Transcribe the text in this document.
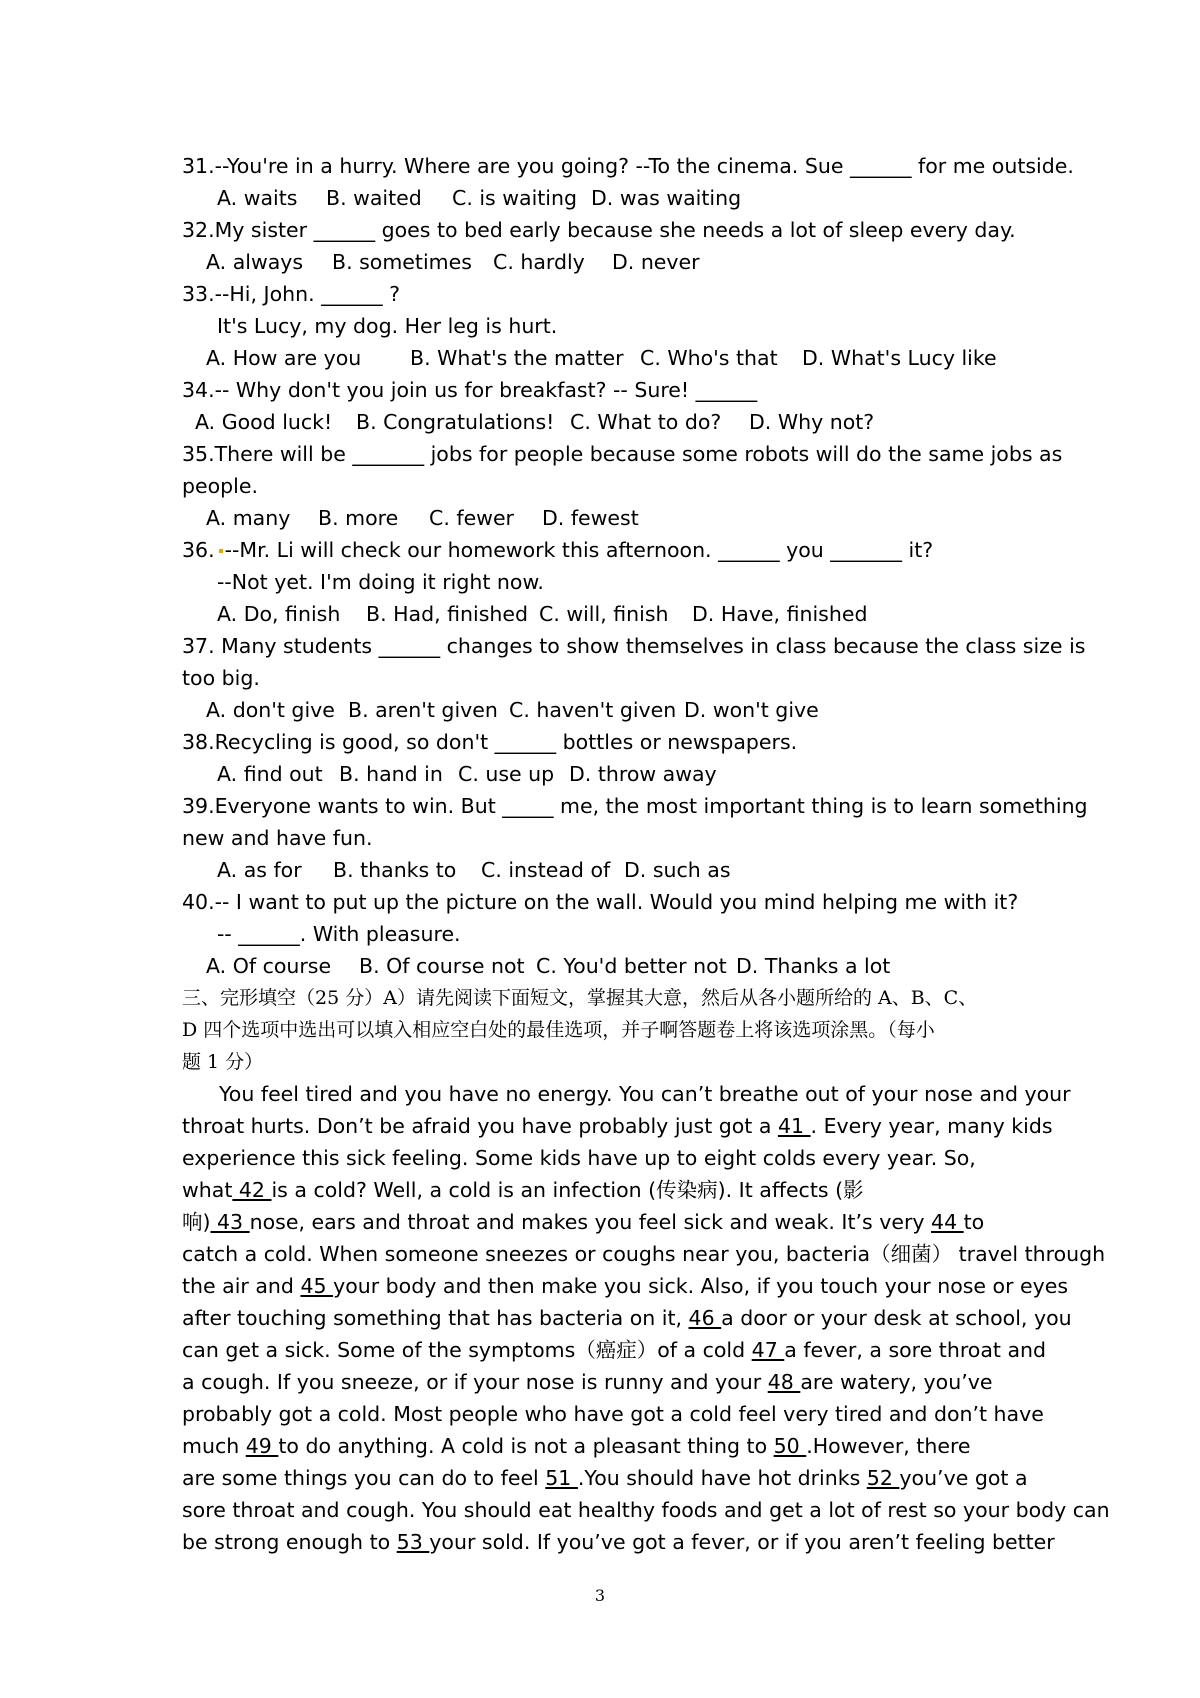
31.--You're in a hurry. Where are you going? --To the cinema. Sue ______ for me outside.
A. waits B. waited C. is waiting D. was waiting
32.My sister ______ goes to bed early because she needs a lot of sleep every day.
A. always B. sometimes C. hardly D. never
33.--Hi, John. ______ ?
It's Lucy, my dog. Her leg is hurt.
A. How are you B. What's the matter C. Who's that D. What's Lucy like
34.-- Why don't you join us for breakfast? -- Sure! ______
A. Good luck! B. Congratulations! C. What to do? D. Why not?
35.There will be _______ jobs for people because some robots will do the same jobs as
people.
A. many B. more C. fewer D. fewest
36. --Mr. Li will check our homework this afternoon. ______ you _______ it?
--Not yet. I'm doing it right now.
A. Do, finish B. Had, finished C. will, finish D. Have, finished
37. Many students ______ changes to show themselves in class because the class size is
too big.
A. don't give B. aren't given C. haven't given D. won't give
38.Recycling is good, so don't ______ bottles or newspapers.
A. find out B. hand in C. use up D. throw away
39.Everyone wants to win. But _____ me, the most important thing is to learn something
new and have fun.
A. as for B. thanks to C. instead of D. such as
40.-- I want to put up the picture on the wall. Would you mind helping me with it?
-- ______. With pleasure.
A. Of course B. Of course not C. You'd better not D. Thanks a lot
三、完形填空（25 分）A）请先阅读下面短文，掌握其大意，然后从各小题所给的 A、B、C、
D 四个选项中选出可以填入相应空白处的最佳选项，并子啊答题卷上将该选项涂黑。（每小
题 1 分）
You feel tired and you have no energy. You can’t breathe out of your nose and your
throat hurts. Don’t be afraid you have probably just got a 41 . Every year, many kids
experience this sick feeling. Some kids have up to eight colds every year. So,
what 42 is a cold? Well, a cold is an infection (传染病). It affects (影
响) 43 nose, ears and throat and makes you feel sick and weak. It’s very 44 to
catch a cold. When someone sneezes or coughs near you, bacteria（细菌） travel through
the air and 45 your body and then make you sick. Also, if you touch your nose or eyes
after touching something that has bacteria on it, 46 a door or your desk at school, you
can get a sick. Some of the symptoms（癌症）of a cold 47 a fever, a sore throat and
a cough. If you sneeze, or if your nose is runny and your 48 are watery, you’ve
probably got a cold. Most people who have got a cold feel very tired and don’t have
much 49 to do anything. A cold is not a pleasant thing to 50 .However, there
are some things you can do to feel 51 .You should have hot drinks 52 you’ve got a
sore throat and cough. You should eat healthy foods and get a lot of rest so your body can
be strong enough to 53 your sold. If you’ve got a fever, or if you aren’t feeling better
3
